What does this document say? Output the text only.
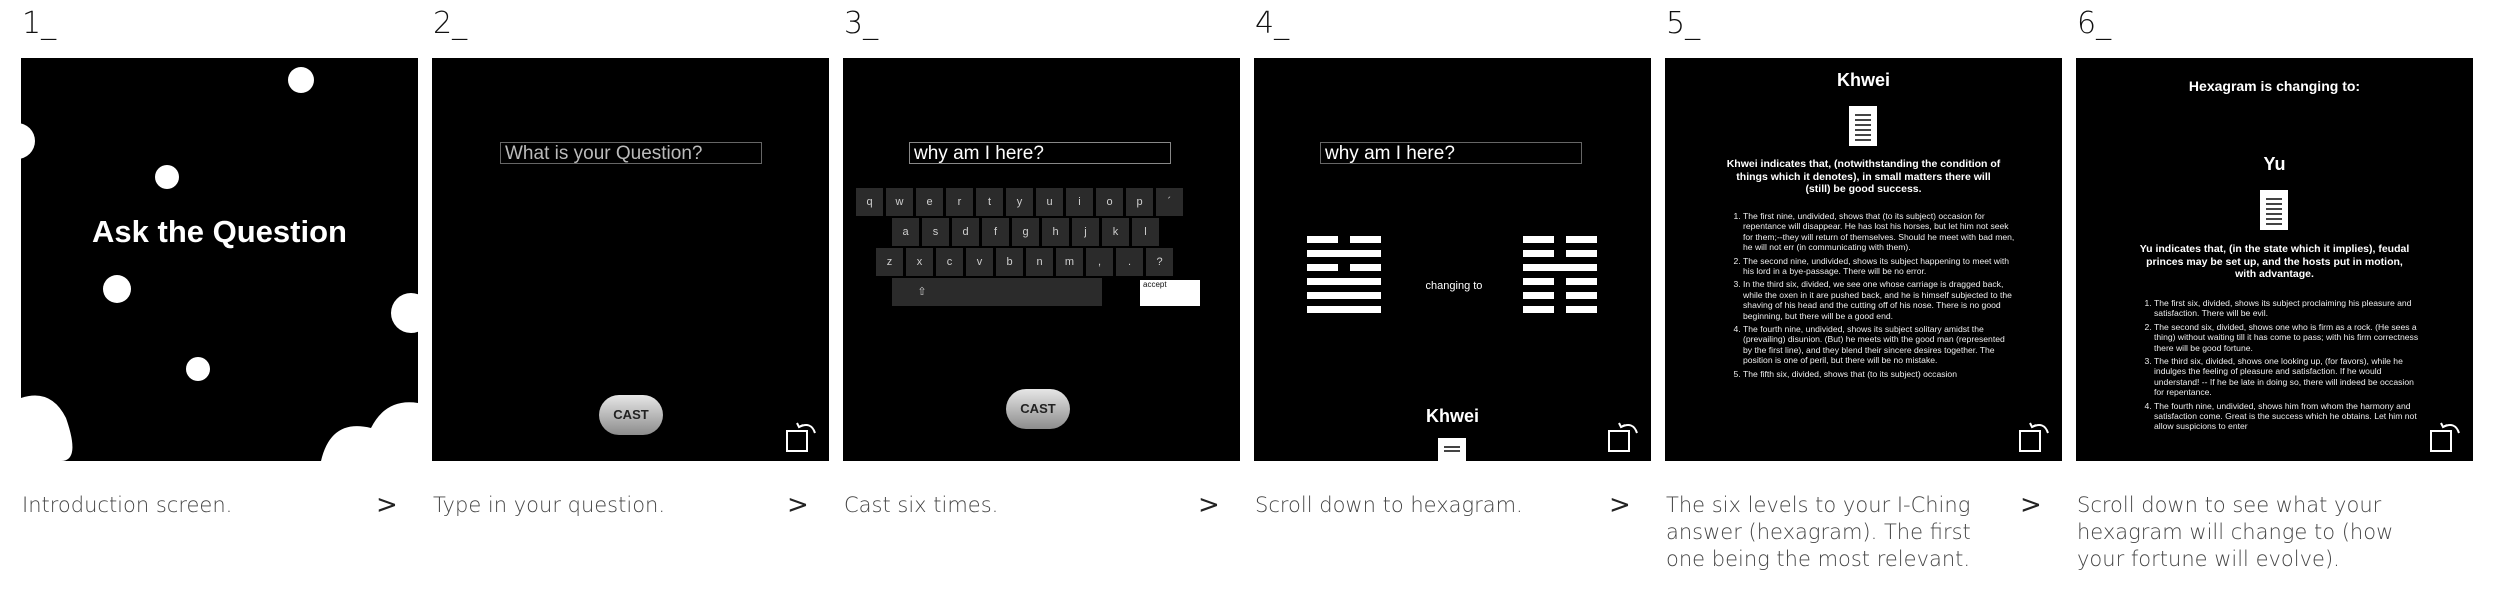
1_	2_	3_	4_	5_	6_
Ask the Question
Introduction screen.	>
What is your Question?
CAST
Type in your question.	>
why am I here?
q	w	e	r	t	y	u	i	o	p	´
a	s	d	f	g	h	j	k	l
z	x	c	v	b	n	m	,	.	?
⇧
accept
CAST
Cast six times.	>
why am I here?
changing to
Khwei
Scroll down to hexagram.	>
Khwei
Khwei indicates that, (notwithstanding the condition of things which it denotes), in small matters there will (still) be good success.
1. The first nine, undivided, shows that (to its subject) occasion for repentance will disappear. He has lost his horses, but let him not seek for them;--they will return of themselves. Should he meet with bad men, he will not err (in communicating with them).
2. The second nine, undivided, shows its subject happening to meet with his lord in a bye-passage. There will be no error.
3. In the third six, divided, we see one whose carriage is dragged back, while the oxen in it are pushed back, and he is himself subjected to the shaving of his head and the cutting off of his nose. There is no good beginning, but there will be a good end.
4. The fourth nine, undivided, shows its subject solitary amidst the (prevailing) disunion. (But) he meets with the good man (represented by the first line), and they blend their sincere desires together. The position is one of peril, but there will be no mistake.
5. The fifth six, divided, shows that (to its subject) occasion
The six levels to your I-Ching answer (hexagram). The first one being the most relevant.
>
Hexagram is changing to:
Yu
Yu indicates that, (in the state which it implies), feudal princes may be set up, and the hosts put in motion, with advantage.
1. The first six, divided, shows its subject proclaiming his pleasure and satisfaction. There will be evil.
2. The second six, divided, shows one who is firm as a rock. (He sees a thing) without waiting till it has come to pass; with his firm correctness there will be good fortune.
3. The third six, divided, shows one looking up, (for favors), while he indulges the feeling of pleasure and satisfaction. If he would understand! -- If he be late in doing so, there will indeed be occasion for repentance.
4. The fourth nine, undivided, shows him from whom the harmony and satisfaction come. Great is the success which he obtains. Let him not allow suspicions to enter
Scroll down to see what your hexagram will change to (how your fortune will evolve).
